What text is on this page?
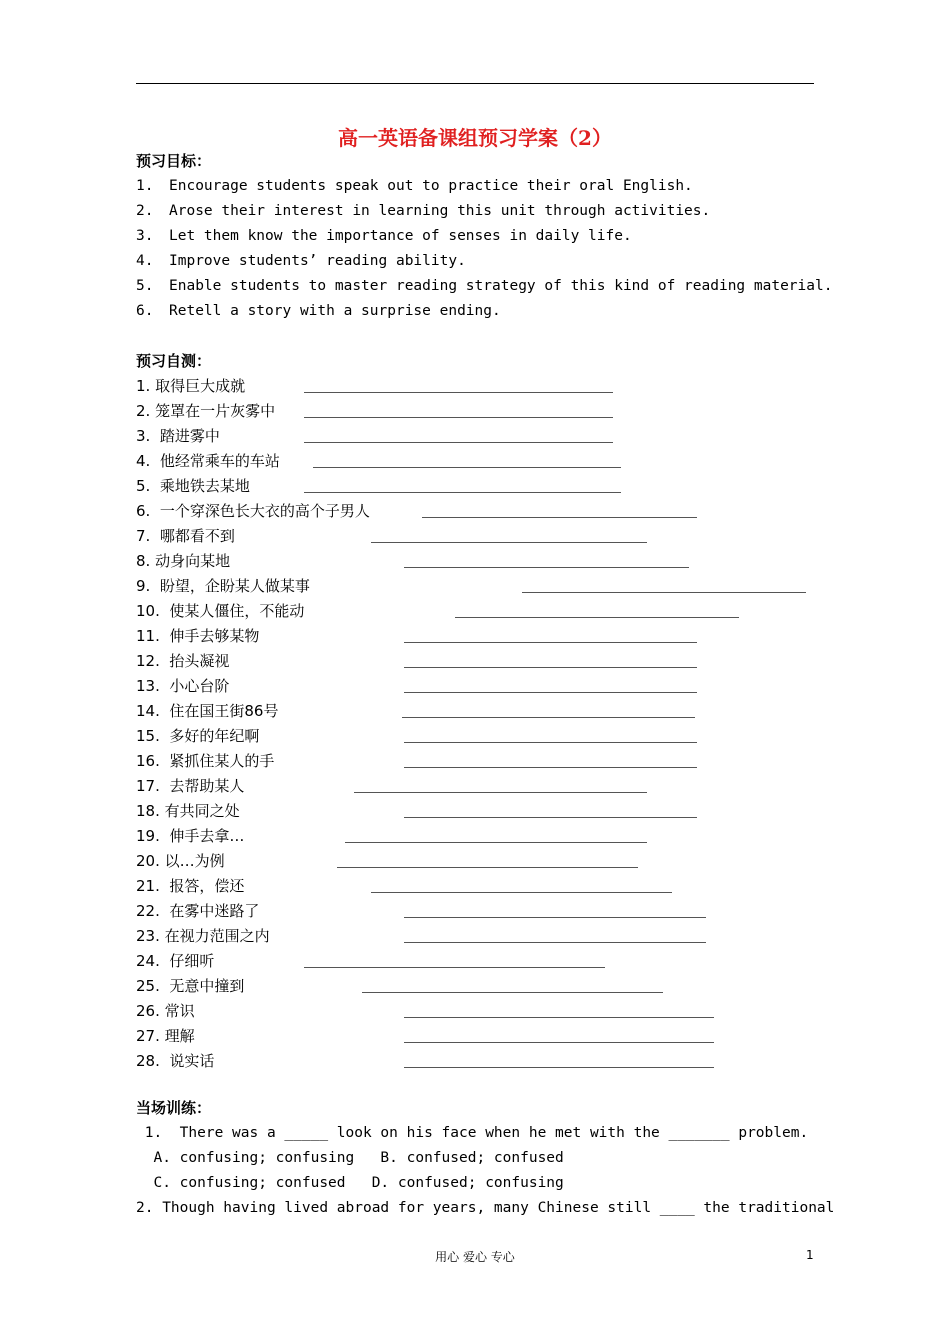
高一英语备课组预习学案（2）
预习目标：
1. Encourage students speak out to practice their oral English.
2. Arose their interest in learning this unit through activities.
3. Let them know the importance of senses in daily life.
4. Improve students’ reading ability.
5. Enable students to master reading strategy of this kind of reading material.
6. Retell a story with a surprise ending.
预习自测：
1. 取得巨大成就
2. 笼罩在一片灰雾中
3.  踏进雾中
4.  他经常乘车的车站
5.  乘地铁去某地
6.  一个穿深色长大衣的高个子男人
7.  哪都看不到
8. 动身向某地
9.  盼望，企盼某人做某事
10.  使某人僵住，不能动
11.  伸手去够某物
12.  抬头凝视
13.  小心台阶
14.  住在国王街86号
15.  多好的年纪啊
16.  紧抓住某人的手
17.  去帮助某人
18. 有共同之处
19.  伸手去拿…
20. 以…为例
21.  报答，偿还
22.  在雾中迷路了
23. 在视力范围之内
24.  仔细听
25.  无意中撞到
26. 常识
27. 理解
28.  说实话
当场训练：
1.  There was a _____ look on his face when he met with the _______ problem.
A. confusing; confusing   B. confused; confused
C. confusing; confused   D. confused; confusing
2. Though having lived abroad for years, many Chinese still ____ the traditional
用心 爱心 专心	1
